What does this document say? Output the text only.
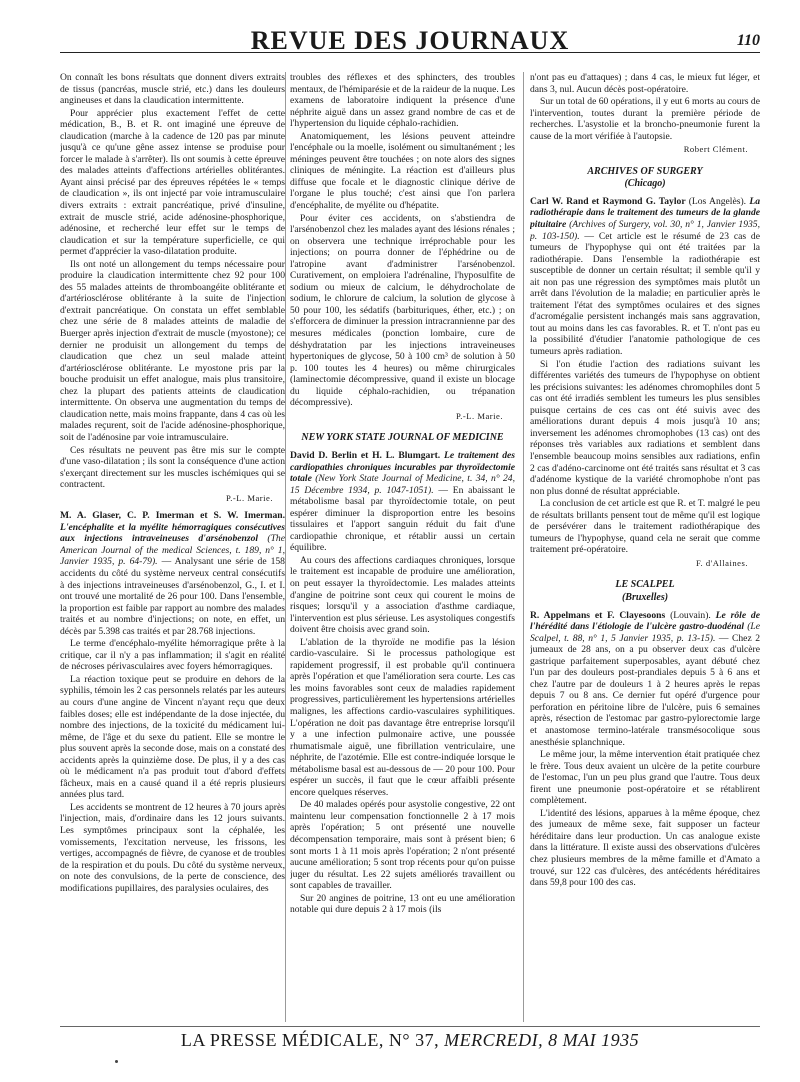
REVUE DES JOURNAUX	110

On connaît les bons résultats que donnent divers extraits de tissus (pancréas, muscle strié, etc.) dans les douleurs angineuses et dans la claudication intermittente.

Pour apprécier plus exactement l'effet de cette médication, B., B. et R. ont imaginé une épreuve de claudication (marche à la cadence de 120 pas par minute jusqu'à ce qu'une gêne assez intense se produise pour forcer le malade à s'arrêter). Ils ont soumis à cette épreuve des malades atteints d'affections artérielles oblitérantes. Ayant ainsi précisé par des épreuves répétées le « temps de claudication », ils ont injecté par voie intramusculaire divers extraits : extrait pancréatique, privé d'insuline, extrait de muscle strié, acide adénosine-phosphorique, adénosine, et recherché leur effet sur le temps de claudication et sur la température superficielle, ce qui permet d'apprécier la vaso-dilatation produite.

Ils ont noté un allongement du temps nécessaire pour produire la claudication intermittente chez 92 pour 100 des 55 malades atteints de thromboangéite oblitérante et d'artériosclérose oblitérante à la suite de l'injection d'extrait pancréatique. On constata un effet semblable chez une série de 8 malades atteints de maladie de Buerger après injection d'extrait de muscle (myostone); ce dernier ne produisit un allongement du temps de claudication que chez un seul malade atteint d'artériosclérose oblitérante. Le myostone pris par la bouche produisit un effet analogue, mais plus transitoire, chez la plupart des patients atteints de claudication intermittente. On observa une augmentation du temps de claudication nette, mais moins frappante, dans 4 cas où les malades reçurent, soit de l'acide adénosine-phosphorique, soit de l'adénosine par voie intramusculaire.

Ces résultats ne peuvent pas être mis sur le compte d'une vaso-dilatation ; ils sont la conséquence d'une action s'exerçant directement sur les muscles ischémiques qui se contractent.

P.-L. Marie.

M. A. Glaser, C. P. Imerman et S. W. Imerman. L'encéphalite et la myélite hémorragiques consécutives aux injections intraveineuses d'arsénobenzol (The American Journal of the medical Sciences, t. 189, n° 1, Janvier 1935, p. 64-79). — Analysant une série de 158 accidents du côté du système nerveux central consécutifs à des injections intraveineuses d'arsénobenzol, G., I. et I. ont trouvé une mortalité de 26 pour 100. Dans l'ensemble, la proportion est faible par rapport au nombre des malades traités et au nombre d'injections; on note, en effet, un décès par 5.398 cas traités et par 28.768 injections.

Le terme d'encéphalo-myélite hémorragique prête à la critique, car il n'y a pas inflammation; il s'agit en réalité de nécroses périvasculaires avec foyers hémorragiques.

La réaction toxique peut se produire en dehors de la syphilis, témoin les 2 cas personnels relatés par les auteurs au cours d'une angine de Vincent n'ayant reçu que deux faibles doses; elle est indépendante de la dose injectée, du nombre des injections, de la toxicité du médicament lui-même, de l'âge et du sexe du patient. Elle se montre le plus souvent après la seconde dose, mais on a constaté des accidents après la quinzième dose. De plus, il y a des cas où le médicament n'a pas produit tout d'abord d'effets fâcheux, mais en a causé quand il a été repris plusieurs années plus tard.

Les accidents se montrent de 12 heures à 70 jours après l'injection, mais, d'ordinaire dans les 12 jours suivants. Les symptômes principaux sont la céphalée, les vomissements, l'excitation nerveuse, les frissons, les vertiges, accompagnés de fièvre, de cyanose et de troubles de la respiration et du pouls. Du côté du système nerveux, on note des convulsions, de la perte de conscience, des modifications pupillaires, des paralysies oculaires, des

troubles des réflexes et des sphincters, des troubles mentaux, de l'hémiparésie et de la raideur de la nuque. Les examens de laboratoire indiquent la présence d'une néphrite aiguë dans un assez grand nombre de cas et de l'hypertension du liquide céphalo-rachidien.

Anatomiquement, les lésions peuvent atteindre l'encéphale ou la moelle, isolément ou simultanément ; les méninges peuvent être touchées ; on note alors des signes cliniques de méningite. La réaction est d'ailleurs plus diffuse que focale et le diagnostic clinique dérive de l'organe le plus touché; c'est ainsi que l'on parlera d'encéphalite, de myélite ou d'hépatite.

Pour éviter ces accidents, on s'abstiendra de l'arsénobenzol chez les malades ayant des lésions rénales ; on observera une technique irréprochable pour les injections; on pourra donner de l'éphédrine ou de l'atropine avant d'administrer l'arsénobenzol. Curativement, on emploiera l'adrénaline, l'hyposulfite de sodium ou mieux de calcium, le déhydrocholate de sodium, le chlorure de calcium, la solution de glycose à 50 pour 100, les sédatifs (barbituriques, éther, etc.) ; on s'efforcera de diminuer la pression intracrannienne par des mesures médicales (ponction lombaire, cure de déshydratation par les injections intraveineuses hypertoniques de glycose, 50 à 100 cm³ de solution à 50 p. 100 toutes les 4 heures) ou même chirurgicales (laminectomie décompressive, quand il existe un blocage du liquide céphalo-rachidien, ou trépanation décompressive).

P.-L. Marie.

NEW YORK STATE JOURNAL OF MEDICINE

David D. Berlin et H. L. Blumgart. Le traitement des cardiopathies chroniques incurables par thyroïdectomie totale (New York State Journal of Medicine, t. 34, n° 24, 15 Décembre 1934, p. 1047-1051). — En abaissant le métabolisme basal par thyroïdectomie totale, on peut espérer diminuer la disproportion entre les besoins tissulaires et l'apport sanguin réduit du fait d'une cardiopathie chronique, et rétablir aussi un certain équilibre.

Au cours des affections cardiaques chroniques, lorsque le traitement est incapable de produire une amélioration, on peut essayer la thyroïdectomie. Les malades atteints d'angine de poitrine sont ceux qui courent le moins de risques; lorsqu'il y a association d'asthme cardiaque, l'intervention est plus sérieuse. Les asystoliques congestifs doivent être choisis avec grand soin.

L'ablation de la thyroïde ne modifie pas la lésion cardio-vasculaire. Si le processus pathologique est rapidement progressif, il est probable qu'il continuera après l'opération et que l'amélioration sera courte. Les cas les moins favorables sont ceux de maladies rapidement progressives, particulièrement les hypertensions artérielles malignes, les affections cardio-vasculaires syphilitiques. L'opération ne doit pas davantage être entreprise lorsqu'il y a une infection pulmonaire active, une poussée rhumatismale aiguë, une fibrillation ventriculaire, une néphrite, de l'azotémie. Elle est contre-indiquée lorsque le métabolisme basal est au-dessous de — 20 pour 100. Pour espérer un succès, il faut que le cœur affaibli présente encore quelques réserves.

De 40 malades opérés pour asystolie congestive, 22 ont maintenu leur compensation fonctionnelle 2 à 17 mois après l'opération; 5 ont présenté une nouvelle décompensation temporaire, mais sont à présent bien; 6 sont morts 1 à 11 mois après l'opération; 2 n'ont présenté aucune amélioration; 5 sont trop récents pour qu'on puisse juger du résultat. Les 22 sujets améliorés travaillent ou sont capables de travailler.

Sur 20 angines de poitrine, 13 ont eu une amélioration notable qui dure depuis 2 à 17 mois (ils

n'ont pas eu d'attaques) ; dans 4 cas, le mieux fut léger, et dans 3, nul. Aucun décès post-opératoire.

Sur un total de 60 opérations, il y eut 6 morts au cours de l'intervention, toutes durant la première période de recherches. L'asystolie et la broncho-pneumonie furent la cause de la mort vérifiée à l'autopsie.

Robert Clément.

ARCHIVES OF SURGERY

(Chicago)

Carl W. Rand et Raymond G. Taylor (Los Angelès). La radiothérapie dans le traitement des tumeurs de la glande pituitaire (Archives of Surgery, vol. 30, n° 1, Janvier 1935, p. 103-150). — Cet article est le résumé de 23 cas de tumeurs de l'hypophyse qui ont été traitées par la radiothérapie. Dans l'ensemble la radiothérapie est susceptible de donner un certain résultat; il semble qu'il y ait non pas une régression des symptômes mais plutôt un arrêt dans l'évolution de la maladie; en particulier après le traitement l'état des symptômes oculaires et des signes d'acromégalie persistent inchangés mais sans aggravation, tout au moins dans les cas favorables. R. et T. n'ont pas eu la possibilité d'étudier l'anatomie pathologique de ces tumeurs après radiation.

Si l'on étudie l'action des radiations suivant les différentes variétés des tumeurs de l'hypophyse on obtient les précisions suivantes: les adénomes chromophiles dont 5 cas ont été irradiés semblent les tumeurs les plus sensibles puisque certains de ces cas ont été suivis avec des améliorations durant depuis 4 mois jusqu'à 10 ans; inversement les adénomes chromophobes (13 cas) ont des réponses très variables aux radiations et semblent dans l'ensemble beaucoup moins sensibles aux radiations, enfin 2 cas d'adéno-carcinome ont été traités sans résultat et 3 cas d'adénome kystique de la variété chromophobe n'ont pas non plus donné de résultat appréciable.

La conclusion de cet article est que R. et T. malgré le peu de résultats brillants pensent tout de même qu'il est logique de persévérer dans le traitement radiothérapique des tumeurs de l'hypophyse, quand cela ne serait que comme traitement pré-opératoire.

F. d'Allaines.

LE SCALPEL

(Bruxelles)

R. Appelmans et F. Clayesoons (Louvain). Le rôle de l'hérédité dans l'étiologie de l'ulcère gastro-duodénal (Le Scalpel, t. 88, n° 1, 5 Janvier 1935, p. 13-15). — Chez 2 jumeaux de 28 ans, on a pu observer deux cas d'ulcère gastrique parfaitement superposables, ayant débuté chez l'un par des douleurs post-prandiales depuis 5 à 6 ans et chez l'autre par de douleurs 1 à 2 heures après le repas depuis 7 ou 8 ans. Ce dernier fut opéré d'urgence pour perforation en péritoine libre de l'ulcère, puis 6 semaines après, résection de l'estomac par gastro-pylorectomie large et anastomose termino-latérale transmésocolique sous anesthésie splanchnique.

Le même jour, la même intervention était pratiquée chez le frère. Tous deux avaient un ulcère de la petite courbure de l'estomac, l'un un peu plus grand que l'autre. Tous deux firent une pneumonie post-opératoire et se rétablirent complètement.

L'identité des lésions, apparues à la même époque, chez des jumeaux de même sexe, fait supposer un facteur héréditaire dans leur production. Un cas analogue existe dans la littérature. Il existe aussi des observations d'ulcères chez plusieurs membres de la même famille et d'Amato a trouvé, sur 122 cas d'ulcères, des antécédents héréditaires dans 59,8 pour 100 des cas.

LA PRESSE MÉDICALE, N° 37, MERCREDI, 8 MAI 1935
